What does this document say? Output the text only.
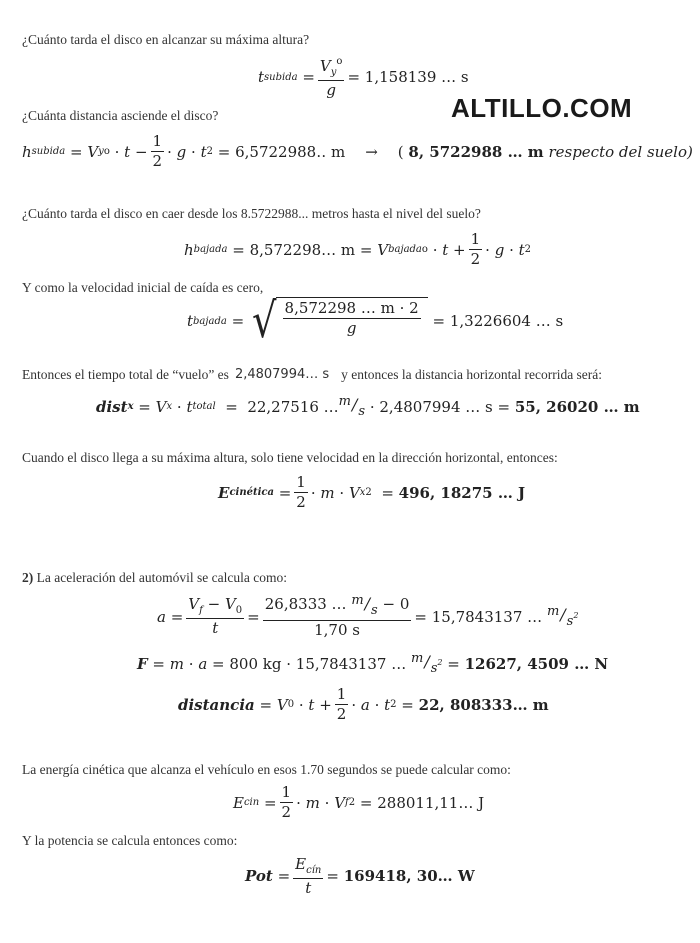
¿Cuánto tarda el disco en alcanzar su máxima altura?
t subida = $\frac{V_y^o}{g} = 1,158139$ … s
ALTILLO.COM
¿Cuánta distancia asciende el disco?
h subida = V y $o \cdot t - \frac{1}{2} \cdot g \cdot t$ 2
= 6,5722988‥ m → ( 8, 5722988 … m
respecto del suelo)
¿Cuánto tarda el disco en caer desde los 8.5722988... metros hasta el nivel del suelo?
h bajada = 8,572298… m = V bajada $o \cdot t + \frac{1}{2} \cdot g \cdot t$ 2
Y como la velocidad inicial de caída es cero,
t bajada = √ $\frac{8,572298 \dots m \cdot 2}{g}$
= 1,3226604 … s
Entonces el tiempo total de “vuelo” es 2,4807994… s y entonces la distancia horizontal recorrida será:
dist x = V x · t total = 22,27516 … m/s
· 2,4807994 … s =
55, 26020 … m
Cuando el disco llega a su máxima altura, solo tiene velocidad en la dirección horizontal, entonces:
E cinética = $\frac{1}{2} \cdot m \cdot V$ x 2 = 496, 18275 … J
2) La aceleración del automóvil se calcula como:
$a = \frac{V_f - V_0}{t} = \frac{26,8333 \dots m/s - 0}{1,70 s} = 15,7843137$ …
$m/s^2$
F = m · a
= 800 kg · 15,7843137 …
$m/s^2 = 12627$, 4509 … N
distancia = V $0 \cdot t + \frac{1}{2} \cdot a \cdot t$ 2 = 22, 808333… m
La energía cinética que alcanza el vehículo en esos 1.70 segundos se puede calcular como:
E cin = $\frac{1}{2} \cdot m \cdot V$ f 2
= 288011,11… J
Y la potencia se calcula entonces como:
Pot = $\frac{E_{cín}}{t} = 169418$, 30… W
